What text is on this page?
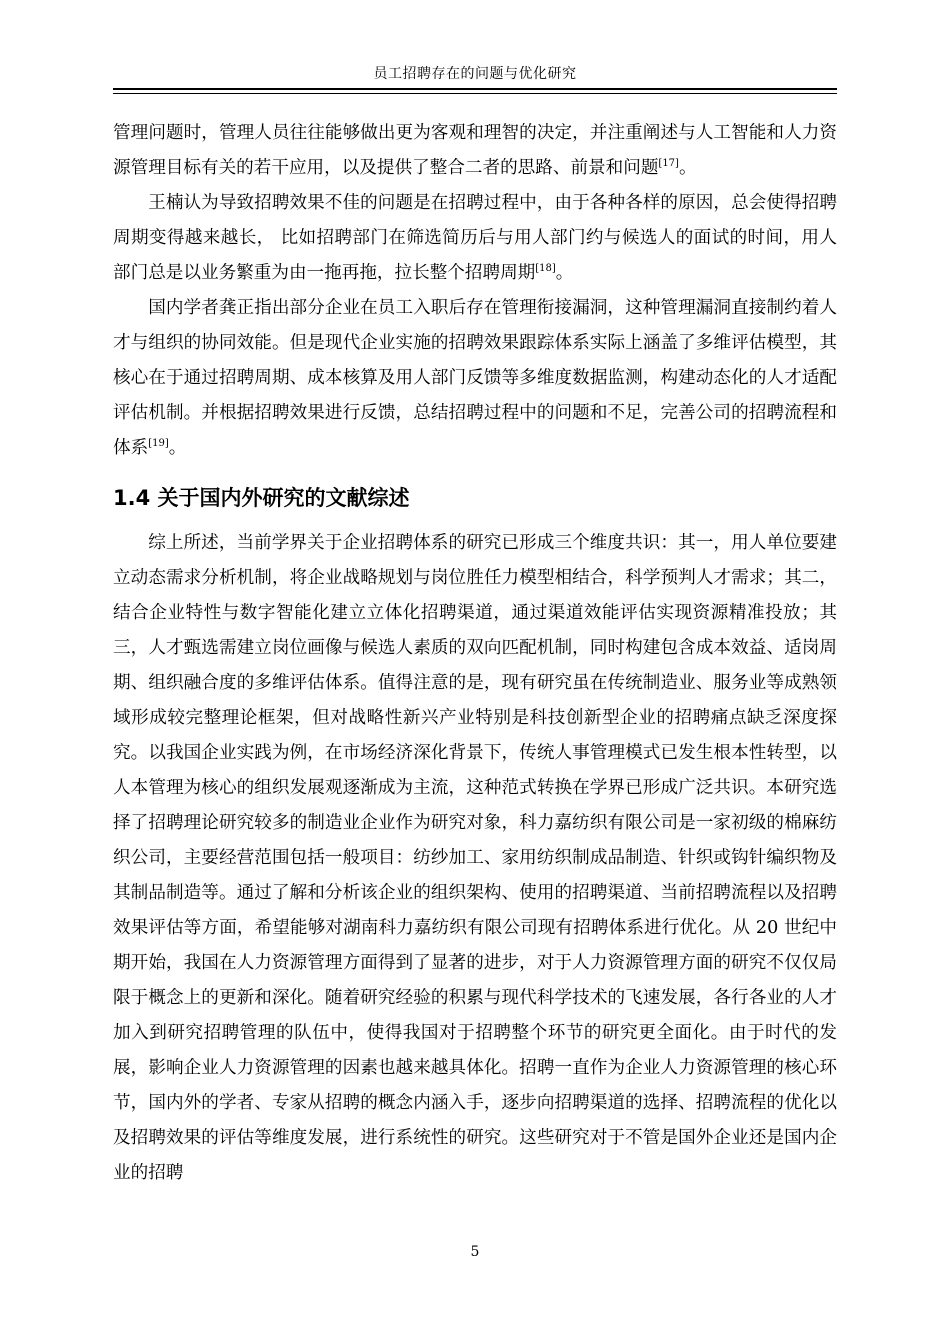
员工招聘存在的问题与优化研究

管理问题时，管理人员往往能够做出更为客观和理智的决定，并注重阐述与人工智能和人力资源管理目标有关的若干应用，以及提供了整合二者的思路、前景和问题[17]。

王楠认为导致招聘效果不佳的问题是在招聘过程中，由于各种各样的原因，总会使得招聘周期变得越来越长， 比如招聘部门在筛选简历后与用人部门约与候选人的面试的时间，用人部门总是以业务繁重为由一拖再拖，拉长整个招聘周期[18]。

国内学者龚正指出部分企业在员工入职后存在管理衔接漏洞，这种管理漏洞直接制约着人才与组织的协同效能。但是现代企业实施的招聘效果跟踪体系实际上涵盖了多维评估模型，其核心在于通过招聘周期、成本核算及用人部门反馈等多维度数据监测，构建动态化的人才适配评估机制。并根据招聘效果进行反馈，总结招聘过程中的问题和不足，完善公司的招聘流程和体系[19]。

1.4 关于国内外研究的文献综述

综上所述，当前学界关于企业招聘体系的研究已形成三个维度共识：其一，用人单位要建立动态需求分析机制，将企业战略规划与岗位胜任力模型相结合，科学预判人才需求；其二，结合企业特性与数字智能化建立立体化招聘渠道，通过渠道效能评估实现资源精准投放；其三，人才甄选需建立岗位画像与候选人素质的双向匹配机制，同时构建包含成本效益、适岗周期、组织融合度的多维评估体系。值得注意的是，现有研究虽在传统制造业、服务业等成熟领域形成较完整理论框架，但对战略性新兴产业特别是科技创新型企业的招聘痛点缺乏深度探究。以我国企业实践为例，在市场经济深化背景下，传统人事管理模式已发生根本性转型，以人本管理为核心的组织发展观逐渐成为主流，这种范式转换在学界已形成广泛共识。本研究选择了招聘理论研究较多的制造业企业作为研究对象，科力嘉纺织有限公司是一家初级的棉麻纺织公司，主要经营范围包括一般项目：纺纱加工、家用纺织制成品制造、针织或钩针编织物及其制品制造等。通过了解和分析该企业的组织架构、使用的招聘渠道、当前招聘流程以及招聘效果评估等方面，希望能够对湖南科力嘉纺织有限公司现有招聘体系进行优化。从 20 世纪中期开始，我国在人力资源管理方面得到了显著的进步，对于人力资源管理方面的研究不仅仅局限于概念上的更新和深化。随着研究经验的积累与现代科学技术的飞速发展，各行各业的人才加入到研究招聘管理的队伍中，使得我国对于招聘整个环节的研究更全面化。由于时代的发展，影响企业人力资源管理的因素也越来越具体化。招聘一直作为企业人力资源管理的核心环节，国内外的学者、专家从招聘的概念内涵入手，逐步向招聘渠道的选择、招聘流程的优化以及招聘效果的评估等维度发展，进行系统性的研究。这些研究对于不管是国外企业还是国内企业的招聘

5
